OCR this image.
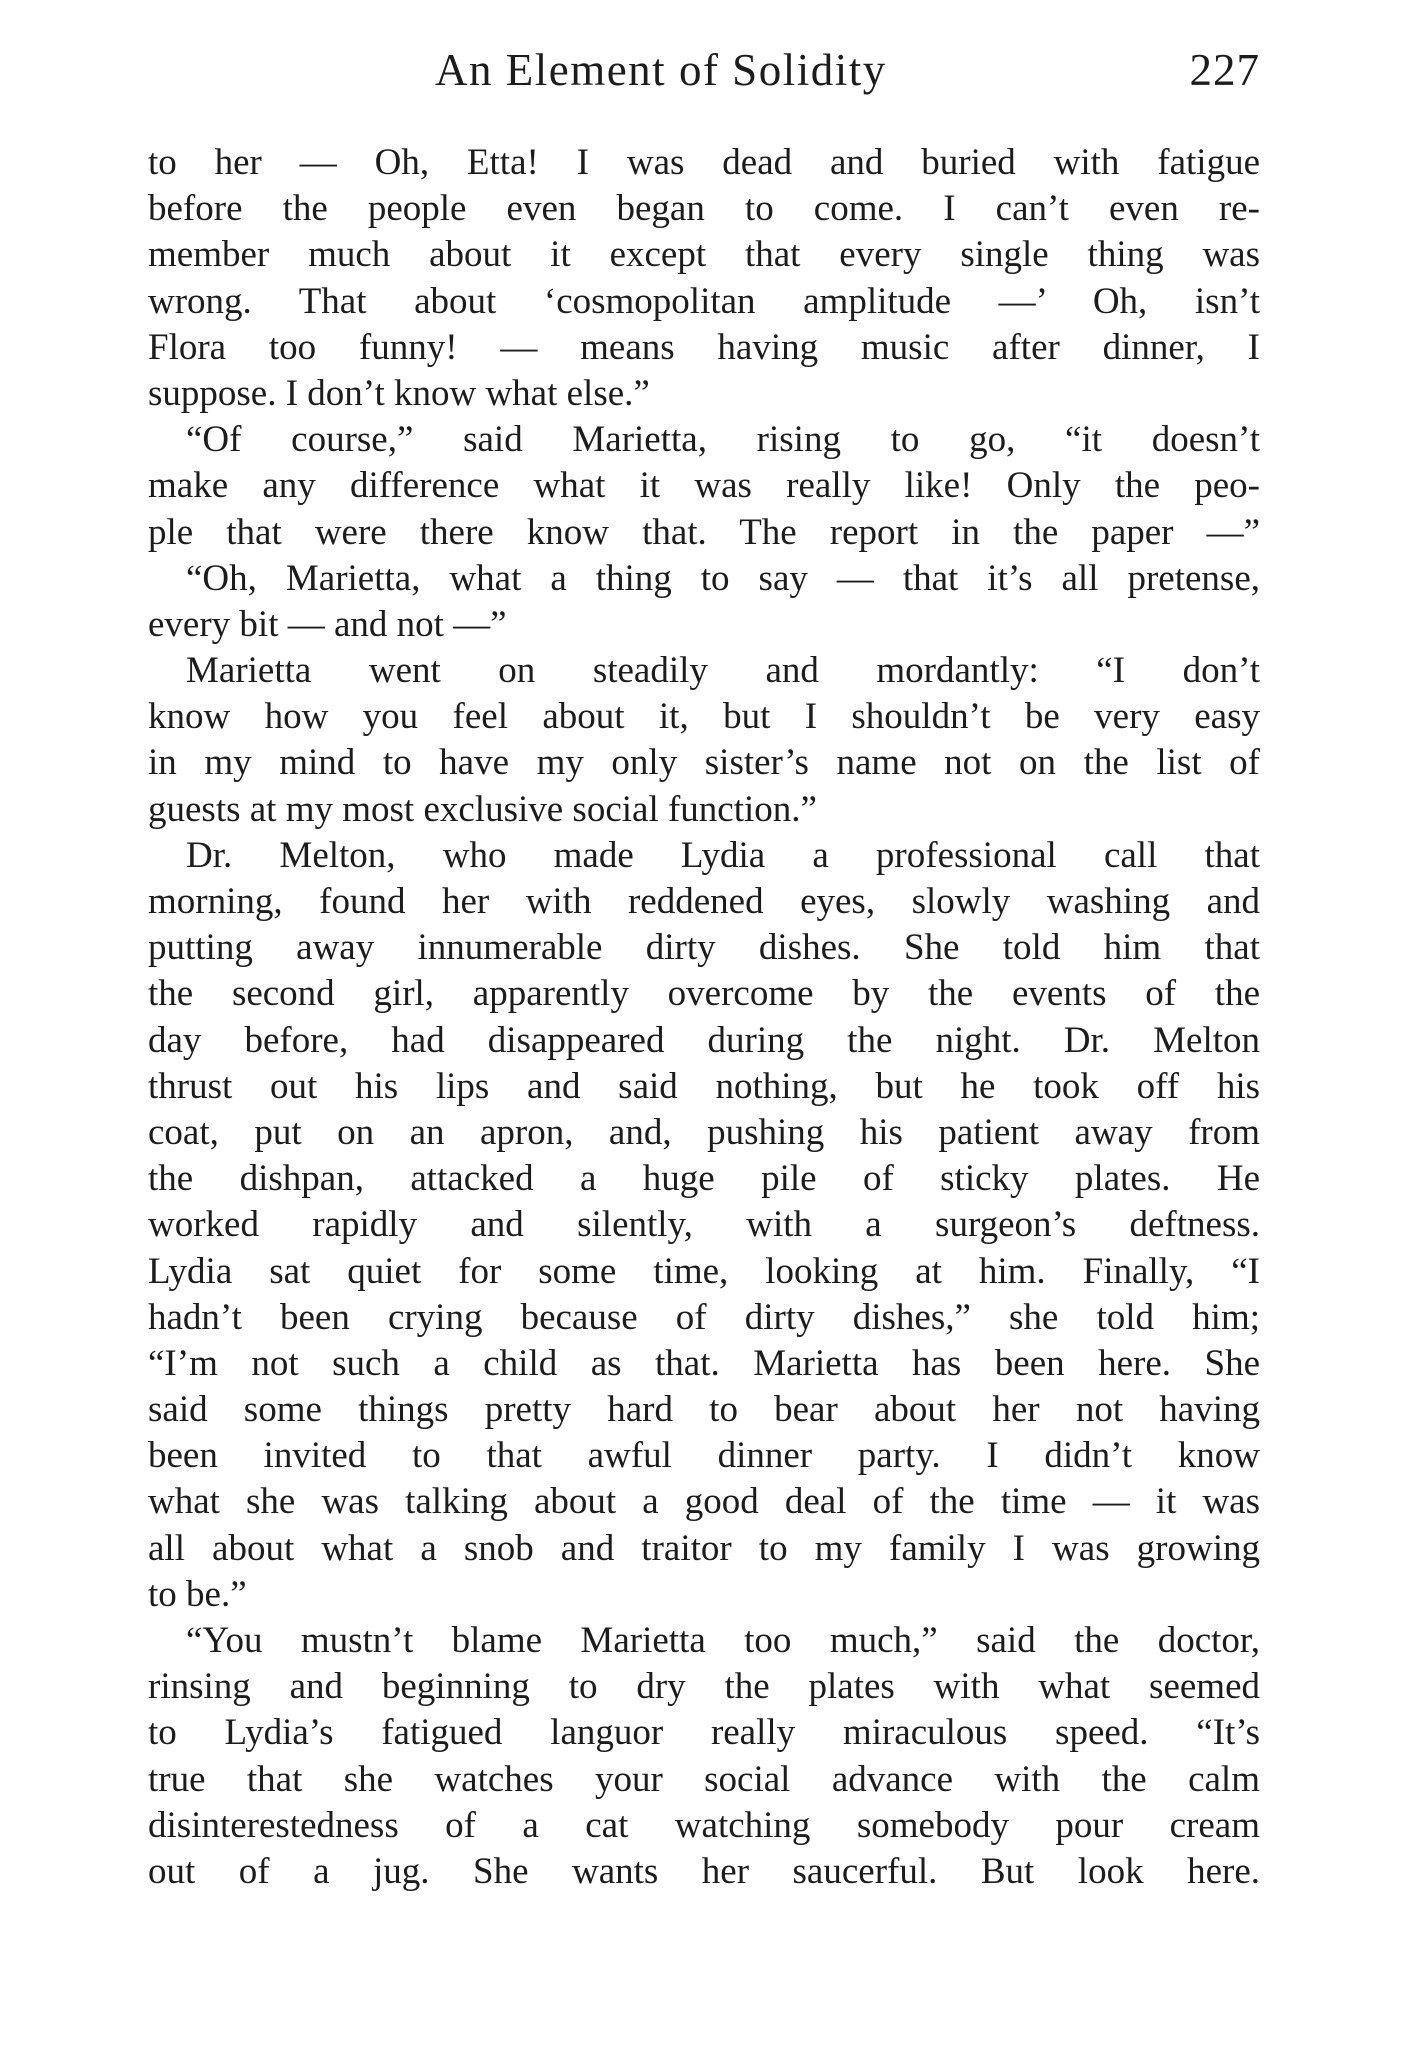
An Element of Solidity	227
to her — Oh, Etta! I was dead and buried with fatigue
before the people even began to come. I can’t even re-
member much about it except that every single thing was
wrong. That about ‘cosmopolitan amplitude —’ Oh, isn’t
Flora too funny! — means having music after dinner, I
suppose. I don’t know what else.”
“Of course,” said Marietta, rising to go, “it doesn’t
make any difference what it was really like! Only the peo-
ple that were there know that. The report in the paper —”
“Oh, Marietta, what a thing to say — that it’s all pretense,
every bit — and not —”
Marietta went on steadily and mordantly: “I don’t
know how you feel about it, but I shouldn’t be very easy
in my mind to have my only sister’s name not on the list of
guests at my most exclusive social function.”
Dr. Melton, who made Lydia a professional call that
morning, found her with reddened eyes, slowly washing and
putting away innumerable dirty dishes. She told him that
the second girl, apparently overcome by the events of the
day before, had disappeared during the night. Dr. Melton
thrust out his lips and said nothing, but he took off his
coat, put on an apron, and, pushing his patient away from
the dishpan, attacked a huge pile of sticky plates. He
worked rapidly and silently, with a surgeon’s deftness.
Lydia sat quiet for some time, looking at him. Finally, “I
hadn’t been crying because of dirty dishes,” she told him;
“I’m not such a child as that. Marietta has been here. She
said some things pretty hard to bear about her not having
been invited to that awful dinner party. I didn’t know
what she was talking about a good deal of the time — it was
all about what a snob and traitor to my family I was growing
to be.”
“You mustn’t blame Marietta too much,” said the doctor,
rinsing and beginning to dry the plates with what seemed
to Lydia’s fatigued languor really miraculous speed. “It’s
true that she watches your social advance with the calm
disinterestedness of a cat watching somebody pour cream
out of a jug. She wants her saucerful. But look here.
